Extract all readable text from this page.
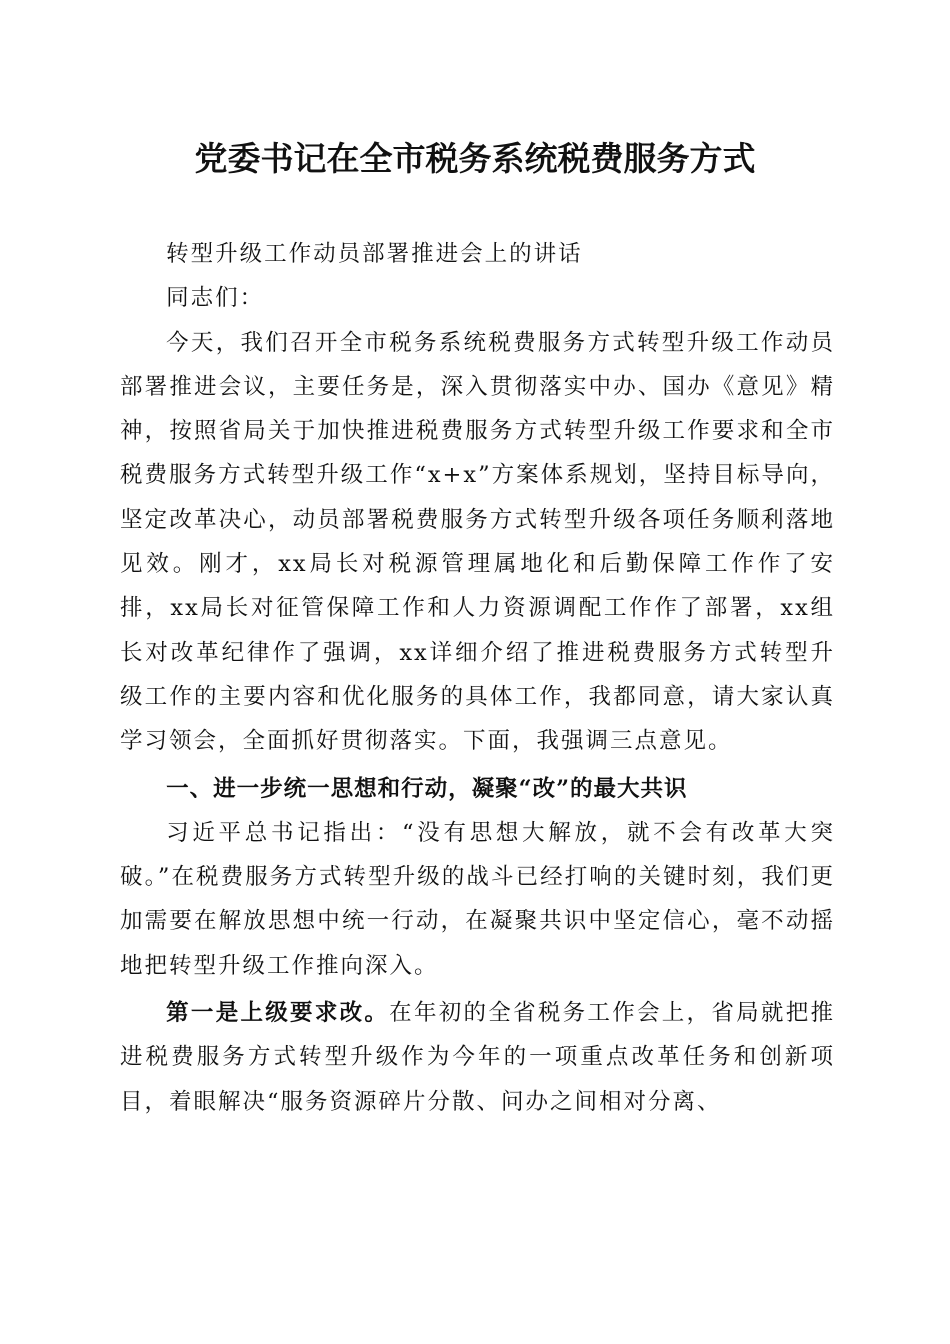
党委书记在全市税务系统税费服务方式

转型升级工作动员部署推进会上的讲话

同志们：

今天，我们召开全市税务系统税费服务方式转型升级工作动员部署推进会议，主要任务是，深入贯彻落实中办、国办《意见》精神，按照省局关于加快推进税费服务方式转型升级工作要求和全市税费服务方式转型升级工作“x+x”方案体系规划，坚持目标导向，坚定改革决心，动员部署税费服务方式转型升级各项任务顺利落地见效。刚才，xx局长对税源管理属地化和后勤保障工作作了安排，xx局长对征管保障工作和人力资源调配工作作了部署，xx组长对改革纪律作了强调，xx详细介绍了推进税费服务方式转型升级工作的主要内容和优化服务的具体工作，我都同意，请大家认真学习领会，全面抓好贯彻落实。下面，我强调三点意见。

一、进一步统一思想和行动，凝聚“改”的最大共识

习近平总书记指出：“没有思想大解放，就不会有改革大突破。”在税费服务方式转型升级的战斗已经打响的关键时刻，我们更加需要在解放思想中统一行动，在凝聚共识中坚定信心，毫不动摇地把转型升级工作推向深入。

第一是上级要求改。在年初的全省税务工作会上，省局就把推进税费服务方式转型升级作为今年的一项重点改革任务和创新项目，着眼解决“服务资源碎片分散、问办之间相对分离、
